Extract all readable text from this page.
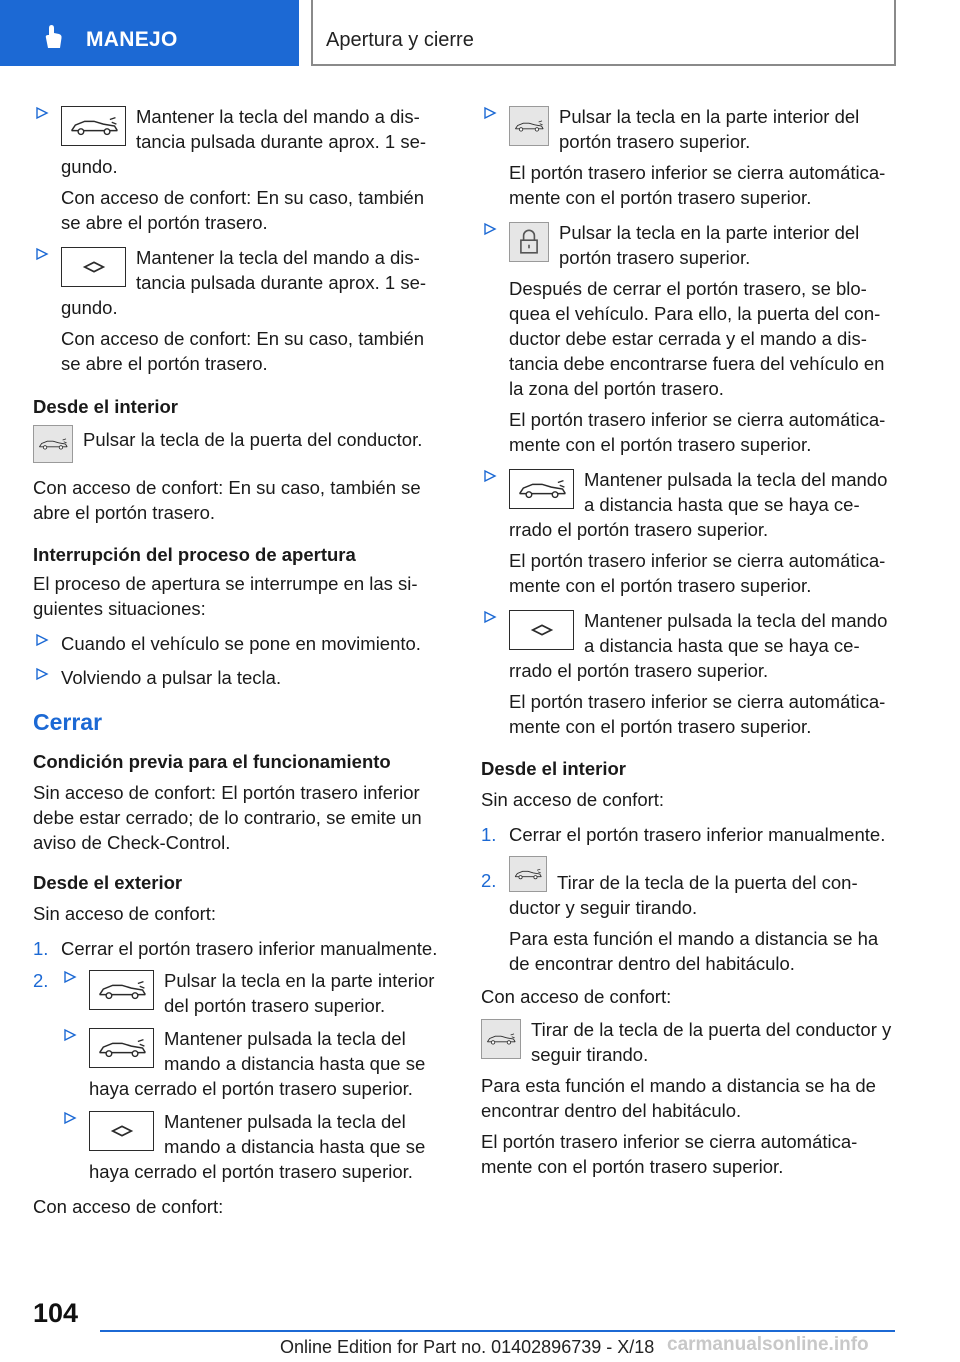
MANEJO	Apertura y cierre

Mantener la tecla del mando a dis‐tancia pulsada durante aprox. 1 se‐gundo.

Con acceso de confort: En su caso, también se abre el portón trasero.

Mantener la tecla del mando a dis‐tancia pulsada durante aprox. 1 se‐gundo.

Con acceso de confort: En su caso, también se abre el portón trasero.

Desde el interior

Pulsar la tecla de la puerta del conductor.

Con acceso de confort: En su caso, también se abre el portón trasero.

Interrupción del proceso de apertura

El proceso de apertura se interrumpe en las si‐guientes situaciones:

Cuando el vehículo se pone en movimiento.

Volviendo a pulsar la tecla.

Cerrar

Condición previa para el funcionamiento

Sin acceso de confort: El portón trasero inferior debe estar cerrado; de lo contrario, se emite un aviso de Check-Control.

Desde el exterior

Sin acceso de confort:

1. Cerrar el portón trasero inferior manualmente.

2.	Pulsar la tecla en la parte interior del portón trasero superior.

Mantener pulsada la tecla del mando a distancia hasta que se haya cerrado el portón trasero superior.

Mantener pulsada la tecla del mando a distancia hasta que se haya cerrado el portón trasero superior.

Con acceso de confort:

Pulsar la tecla en la parte interior del portón trasero superior.

El portón trasero inferior se cierra automática‐mente con el portón trasero superior.

Pulsar la tecla en la parte interior del portón trasero superior.

Después de cerrar el portón trasero, se blo‐quea el vehículo. Para ello, la puerta del con‐ductor debe estar cerrada y el mando a dis‐tancia debe encontrarse fuera del vehículo en la zona del portón trasero.

El portón trasero inferior se cierra automática‐mente con el portón trasero superior.

Mantener pulsada la tecla del mando a distancia hasta que se haya ce‐rrado el portón trasero superior.

El portón trasero inferior se cierra automática‐mente con el portón trasero superior.

Mantener pulsada la tecla del mando a distancia hasta que se haya ce‐rrado el portón trasero superior.

El portón trasero inferior se cierra automática‐mente con el portón trasero superior.

Desde el interior

Sin acceso de confort:

1. Cerrar el portón trasero inferior manualmente.

2.	Tirar de la tecla de la puerta del con‐ductor y seguir tirando.

Para esta función el mando a distancia se ha de encontrar dentro del habitáculo.

Con acceso de confort:

Tirar de la tecla de la puerta del conductor y seguir tirando.

Para esta función el mando a distancia se ha de encontrar dentro del habitáculo.

El portón trasero inferior se cierra automática‐mente con el portón trasero superior.

104
Online Edition for Part no. 01402896739 - X/18 carmanualsonline.info
